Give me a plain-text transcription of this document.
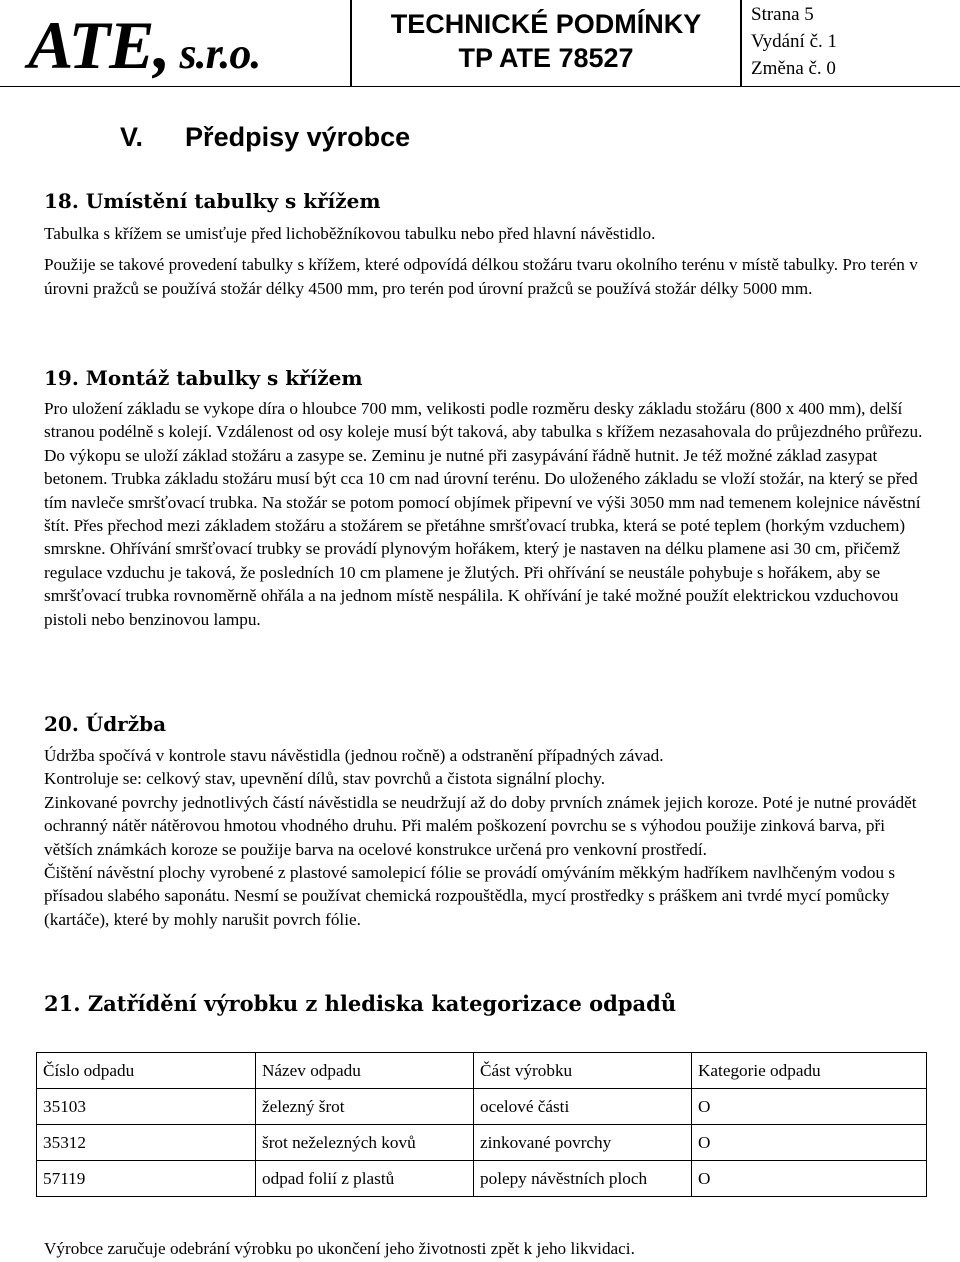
ATE, s.r.o.
TECHNICKÉ PODMÍNKY
TP ATE 78527
Strana 5
Vydání č. 1
Změna č. 0
V. Předpisy výrobce
18. Umístění tabulky s křížem

Tabulka s křížem se umisťuje před lichoběžníkovou tabulku nebo před hlavní návěstidlo.

Použije se takové provedení tabulky s křížem, které odpovídá délkou stožáru tvaru okolního terénu v místě tabulky. Pro terén v úrovni pražců se používá stožár délky 4500 mm, pro terén pod úrovní pražců se používá stožár délky 5000 mm.

19. Montáž tabulky s křížem

Pro uložení základu se vykope díra o hloubce 700 mm, velikosti podle rozměru desky základu stožáru (800 x 400 mm), delší stranou podélně s kolejí. Vzdálenost od osy koleje musí být taková, aby tabulka s křížem nezasahovala do průjezdného průřezu. Do výkopu se uloží základ stožáru a zasype se. Zeminu je nutné při zasypávání řádně hutnit. Je též možné základ zasypat betonem. Trubka základu stožáru musí být cca 10 cm nad úrovní terénu. Do uloženého základu se vloží stožár, na který se před tím navleče smršťovací trubka. Na stožár se potom pomocí objímek připevní ve výši 3050 mm nad temenem kolejnice návěstní štít. Přes přechod mezi základem stožáru a stožárem se přetáhne smršťovací trubka, která se poté teplem (horkým vzduchem) smrskne. Ohřívání smršťovací trubky se provádí plynovým hořákem, který je nastaven na délku plamene asi 30 cm, přičemž regulace vzduchu je taková, že posledních 10 cm plamene je žlutých. Při ohřívání se neustále pohybuje s hořákem, aby se smršťovací trubka rovnoměrně ohřála a na jednom místě nespálila. K ohřívání je také možné použít elektrickou vzduchovou pistoli nebo benzinovou lampu.

20. Údržba

Údržba spočívá v kontrole stavu návěstidla (jednou ročně) a odstranění případných závad.

Kontroluje se: celkový stav, upevnění dílů, stav povrchů a čistota signální plochy.

Zinkované povrchy jednotlivých částí návěstidla se neudržují až do doby prvních známek jejich koroze. Poté je nutné provádět ochranný nátěr nátěrovou hmotou vhodného druhu. Při malém poškození povrchu se s výhodou použije zinková barva, při větších známkách koroze se použije barva na ocelové konstrukce určená pro venkovní prostředí.

Čištění návěstní plochy vyrobené z plastové samolepicí fólie se provádí omýváním měkkým hadříkem navlhčeným vodou s přísadou slabého saponátu. Nesmí se používat chemická rozpouštědla, mycí prostředky s práškem ani tvrdé mycí pomůcky (kartáče), které by mohly narušit povrch fólie.

21. Zatřídění výrobku z hlediska kategorizace odpadů
Číslo odpadu	Název odpadu	Část výrobku	Kategorie odpadu
35103	železný šrot	ocelové části	O
35312	šrot neželezných kovů	zinkované povrchy	O
57119	odpad folií z plastů	polepy návěstních ploch	O
Výrobce zaručuje odebrání výrobku po ukončení jeho životnosti zpět k jeho likvidaci.
